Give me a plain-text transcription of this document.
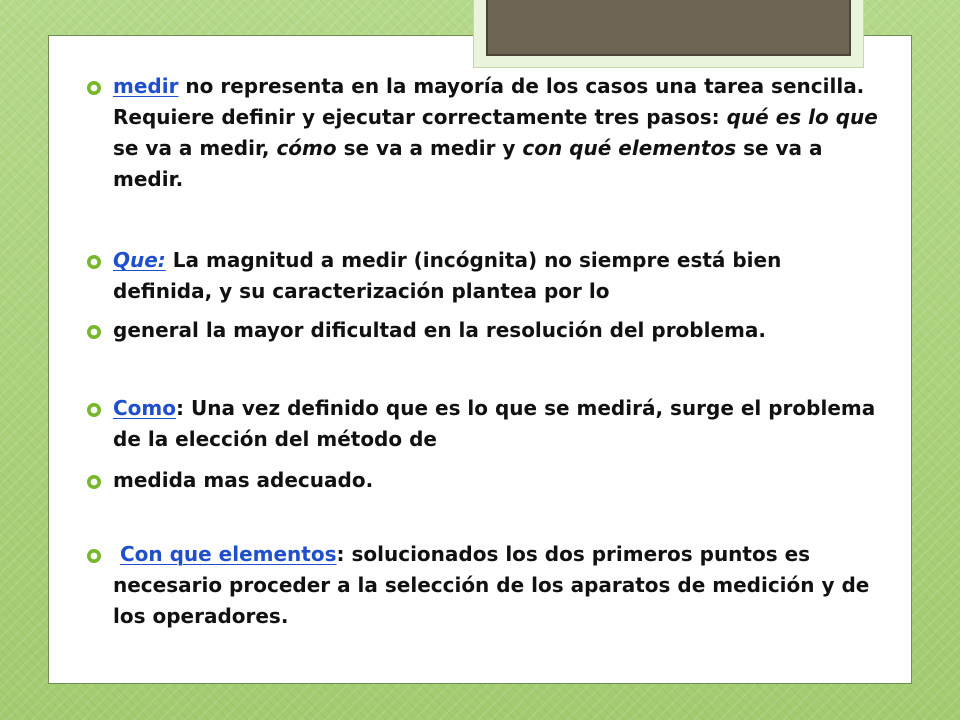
medir no representa en la mayoría de los casos una tarea sencilla. Requiere definir y ejecutar correctamente tres pasos: qué es lo que se va a medir, cómo se va a medir y con qué elementos se va a medir.
Que: La magnitud a medir (incógnita) no siempre está bien definida, y su caracterización plantea por lo
general la mayor dificultad en la resolución del problema.
Como: Una vez definido que es lo que se medirá, surge el problema de la elección del método de
medida mas adecuado.
Con que elementos: solucionados los dos primeros puntos es necesario proceder a la selección de los aparatos de medición y de los operadores.
